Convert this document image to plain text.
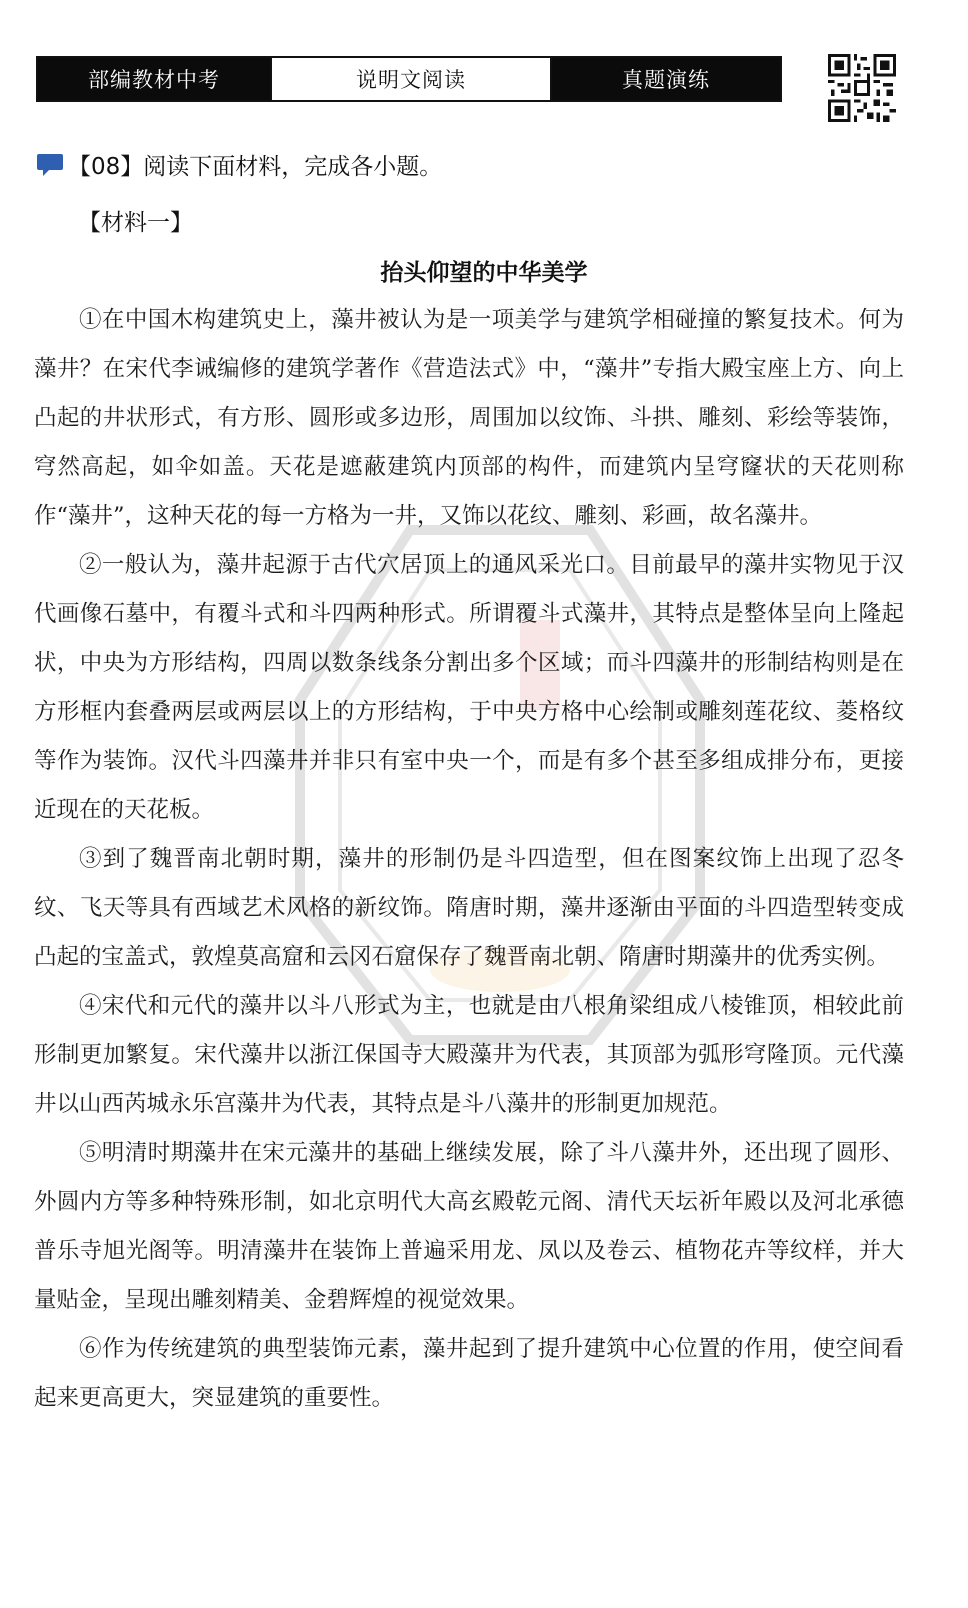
部编教材中考	说明文阅读	真题演练
【08】阅读下面材料，完成各小题。
【材料一】
抬头仰望的中华美学

①在中国木构建筑史上，藻井被认为是一项美学与建筑学相碰撞的繁复技术。何为藻井？在宋代李诫编修的建筑学著作《营造法式》中，“藻井”专指大殿宝座上方、向上凸起的井状形式，有方形、圆形或多边形，周围加以纹饰、斗拱、雕刻、彩绘等装饰，穹然高起，如伞如盖。天花是遮蔽建筑内顶部的构件，而建筑内呈穹窿状的天花则称作“藻井”，这种天花的每一方格为一井，又饰以花纹、雕刻、彩画，故名藻井。

②一般认为，藻井起源于古代穴居顶上的通风采光口。目前最早的藻井实物见于汉代画像石墓中，有覆斗式和斗四两种形式。所谓覆斗式藻井，其特点是整体呈向上隆起状，中央为方形结构，四周以数条线条分割出多个区域；而斗四藻井的形制结构则是在方形框内套叠两层或两层以上的方形结构，于中央方格中心绘制或雕刻莲花纹、菱格纹等作为装饰。汉代斗四藻井并非只有室中央一个，而是有多个甚至多组成排分布，更接近现在的天花板。

③到了魏晋南北朝时期，藻井的形制仍是斗四造型，但在图案纹饰上出现了忍冬纹、飞天等具有西域艺术风格的新纹饰。隋唐时期，藻井逐渐由平面的斗四造型转变成凸起的宝盖式，敦煌莫高窟和云冈石窟保存了魏晋南北朝、隋唐时期藻井的优秀实例。

④宋代和元代的藻井以斗八形式为主，也就是由八根角梁组成八棱锥顶，相较此前形制更加繁复。宋代藻井以浙江保国寺大殿藻井为代表，其顶部为弧形穹隆顶。元代藻井以山西芮城永乐宫藻井为代表，其特点是斗八藻井的形制更加规范。

⑤明清时期藻井在宋元藻井的基础上继续发展，除了斗八藻井外，还出现了圆形、外圆内方等多种特殊形制，如北京明代大高玄殿乾元阁、清代天坛祈年殿以及河北承德普乐寺旭光阁等。明清藻井在装饰上普遍采用龙、凤以及卷云、植物花卉等纹样，并大量贴金，呈现出雕刻精美、金碧辉煌的视觉效果。

⑥作为传统建筑的典型装饰元素，藻井起到了提升建筑中心位置的作用，使空间看起来更高更大，突显建筑的重要性。
